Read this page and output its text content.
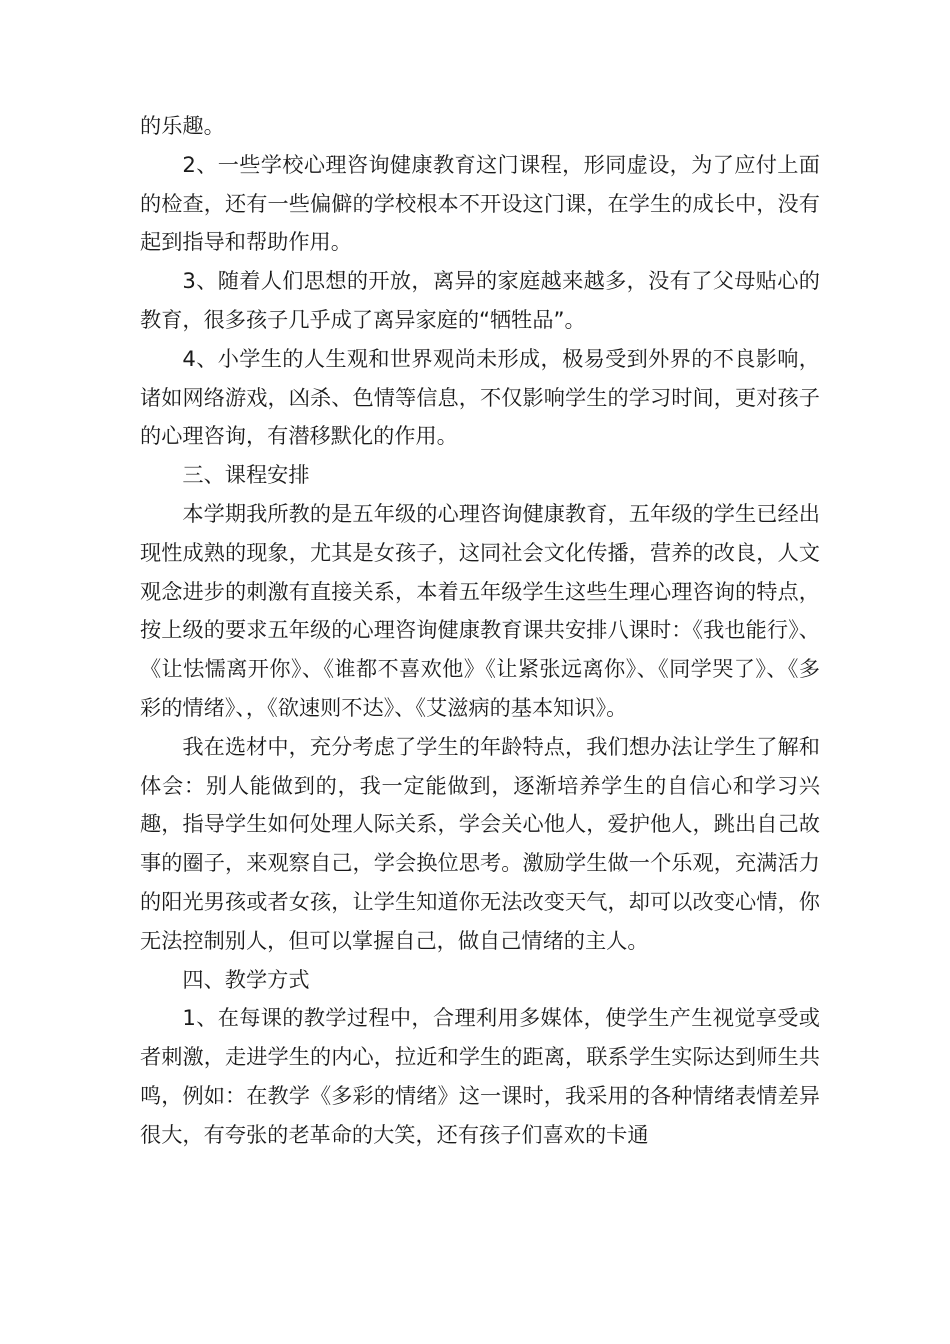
的乐趣。

2、一些学校心理咨询健康教育这门课程，形同虚设，为了应付上面的检查，还有一些偏僻的学校根本不开设这门课，在学生的成长中，没有起到指导和帮助作用。

3、随着人们思想的开放，离异的家庭越来越多，没有了父母贴心的教育，很多孩子几乎成了离异家庭的“牺牲品”。

4、小学生的人生观和世界观尚未形成，极易受到外界的不良影响，诸如网络游戏，凶杀、色情等信息，不仅影响学生的学习时间，更对孩子的心理咨询，有潜移默化的作用。

三、课程安排

本学期我所教的是五年级的心理咨询健康教育，五年级的学生已经出现性成熟的现象，尤其是女孩子，这同社会文化传播，营养的改良，人文观念进步的刺激有直接关系，本着五年级学生这些生理心理咨询的特点，按上级的要求五年级的心理咨询健康教育课共安排八课时：《我也能行》、《让怯懦离开你》、《谁都不喜欢他》《让紧张远离你》、《同学哭了》、《多彩的情绪》、，《欲速则不达》、《艾滋病的基本知识》。

我在选材中，充分考虑了学生的年龄特点，我们想办法让学生了解和体会：别人能做到的，我一定能做到，逐渐培养学生的自信心和学习兴趣，指导学生如何处理人际关系，学会关心他人，爱护他人，跳出自己故事的圈子，来观察自己，学会换位思考。激励学生做一个乐观，充满活力的阳光男孩或者女孩，让学生知道你无法改变天气，却可以改变心情，你无法控制别人，但可以掌握自己，做自己情绪的主人。

四、教学方式

1、在每课的教学过程中，合理利用多媒体，使学生产生视觉享受或者刺激，走进学生的内心，拉近和学生的距离，联系学生实际达到师生共鸣，例如：在教学《多彩的情绪》这一课时，我采用的各种情绪表情差异很大，有夸张的老革命的大笑，还有孩子们喜欢的卡通
